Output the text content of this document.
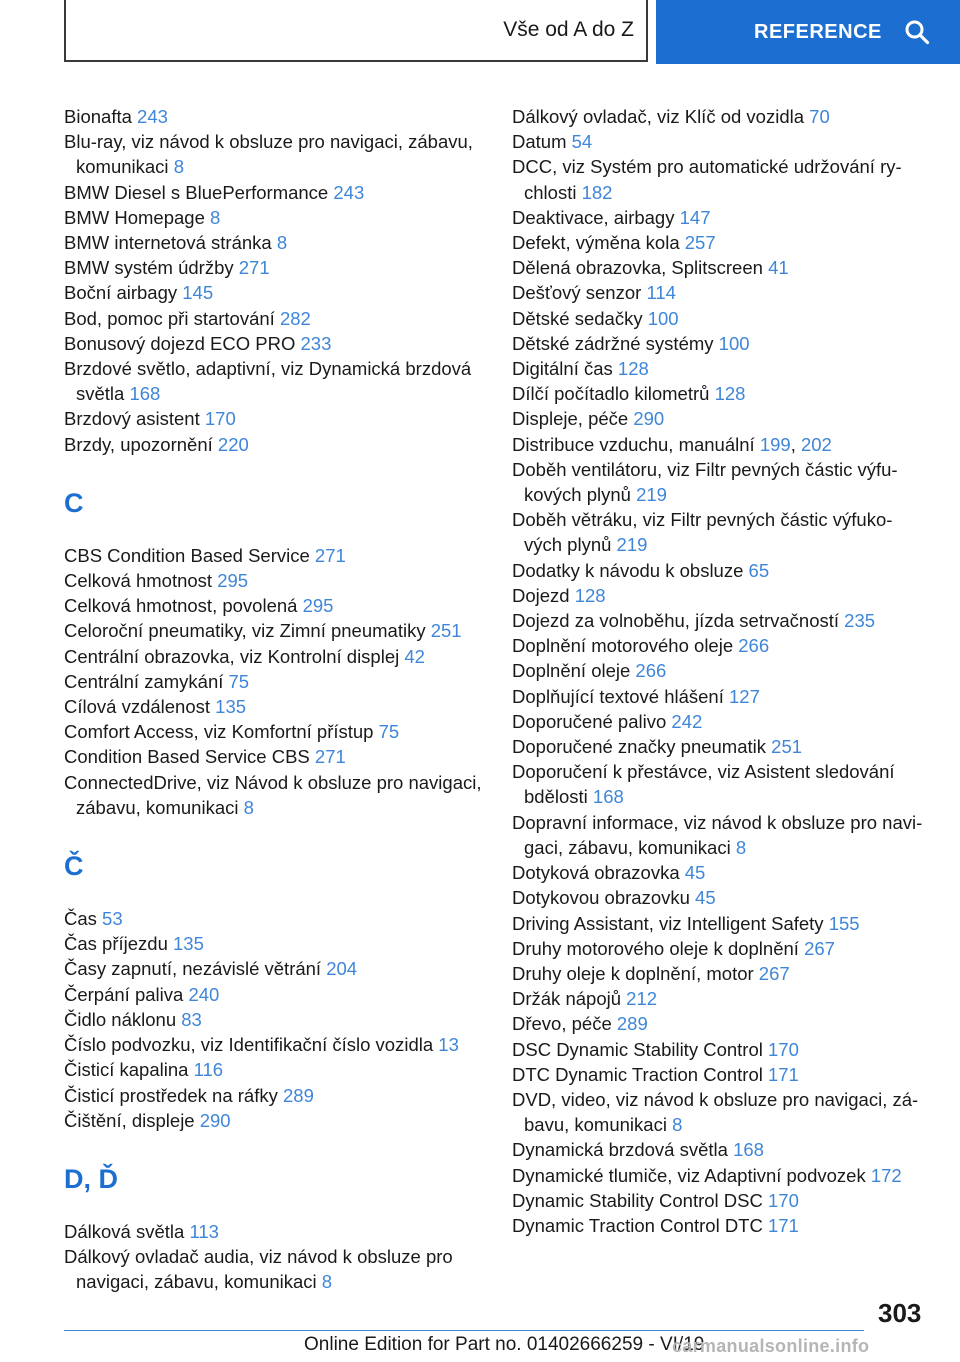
Vše od A do Z	REFERENCE
Bionafta 243
Blu-ray, viz návod k obsluze pro navigaci, zábavu, komunikaci 8
BMW Diesel s BluePerformance 243
BMW Homepage 8
BMW internetová stránka 8
BMW systém údržby 271
Boční airbagy 145
Bod, pomoc při startování 282
Bonusový dojezd ECO PRO 233
Brzdové světlo, adaptivní, viz Dynamická brzdová světla 168
Brzdový asistent 170
Brzdy, upozornění 220
C
CBS Condition Based Service 271
Celková hmotnost 295
Celková hmotnost, povolená 295
Celoroční pneumatiky, viz Zimní pneumatiky 251
Centrální obrazovka, viz Kontrolní displej 42
Centrální zamykání 75
Cílová vzdálenost 135
Comfort Access, viz Komfortní přístup 75
Condition Based Service CBS 271
ConnectedDrive, viz Návod k obsluze pro navigaci, zábavu, komunikaci 8
Č
Čas 53
Čas příjezdu 135
Časy zapnutí, nezávislé větrání 204
Čerpání paliva 240
Čidlo náklonu 83
Číslo podvozku, viz Identifikační číslo vozidla 13
Čisticí kapalina 116
Čisticí prostředek na ráfky 289
Čištění, displeje 290
D, Ď
Dálková světla 113
Dálkový ovladač audia, viz návod k obsluze pro navigaci, zábavu, komunikaci 8
Dálkový ovladač, viz Klíč od vozidla 70
Datum 54
DCC, viz Systém pro automatické udržování ry- chlosti 182
Deaktivace, airbagy 147
Defekt, výměna kola 257
Dělená obrazovka, Splitscreen 41
Dešťový senzor 114
Dětské sedačky 100
Dětské zádržné systémy 100
Digitální čas 128
Dílčí počítadlo kilometrů 128
Displeje, péče 290
Distribuce vzduchu, manuální 199, 202
Doběh ventilátoru, viz Filtr pevných částic výfu- kových plynů 219
Doběh větráku, viz Filtr pevných částic výfuko- vých plynů 219
Dodatky k návodu k obsluze 65
Dojezd 128
Dojezd za volnoběhu, jízda setrvačností 235
Doplnění motorového oleje 266
Doplnění oleje 266
Doplňující textové hlášení 127
Doporučené palivo 242
Doporučené značky pneumatik 251
Doporučení k přestávce, viz Asistent sledování bdělosti 168
Dopravní informace, viz návod k obsluze pro navi- gaci, zábavu, komunikaci 8
Dotyková obrazovka 45
Dotykovou obrazovku 45
Driving Assistant, viz Intelligent Safety 155
Druhy motorového oleje k doplnění 267
Druhy oleje k doplnění, motor 267
Držák nápojů 212
Dřevo, péče 289
DSC Dynamic Stability Control 170
DTC Dynamic Traction Control 171
DVD, video, viz návod k obsluze pro navigaci, zá- bavu, komunikaci 8
Dynamická brzdová světla 168
Dynamické tlumiče, viz Adaptivní podvozek 172
Dynamic Stability Control DSC 170
Dynamic Traction Control DTC 171
303
Online Edition for Part no. 01402666259 - VI/19
carmanualsonline.info
